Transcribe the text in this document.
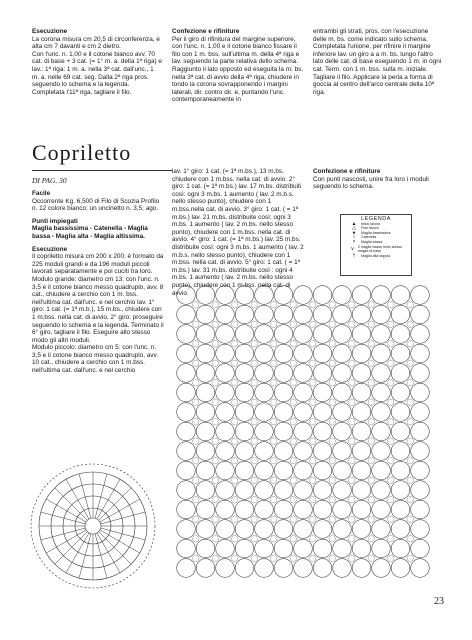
Esecuzione

La corona misura cm 20,5 di circonferenza, è alta cm 7 davanti e cm 2 dietro.

Con l'unc. n. 1,00 e il cotone bianco avv. 70 cat. di base + 3 cat. (= 1° m. a. della 1ª riga) e lav.: 1ª riga: 1 m. a. nella 3ª cat. dall'unc., 1 m. a. nelle 69 cat. seg. Dalla 2ª riga pros. seguendo lo schema e la legenda. Completata l'11ª riga, tagliare il filo.

Confezione e rifiniture

Per il giro di rifinitura del margine superiore, con l'unc. n. 1,00 e il cotone bianco fissare il filo con 1 m. bss. sull'ultima m. della 4ª riga e lav. seguendo la parte relativa dello schema. Raggiunto il lato opposto ed eseguita la m. bs. nella 3ª cat. di avvio della 4ª riga, chiudere in tondo la corona sovrapponendo i margini laterali, dir. contro dir. e, puntando l'unc. contemporaneamente in

entrambi gli strati, pros. con l'esecuzione delle m. bs. come indicato sullo schema. Completata l'unione, per rifinire il margine inferiore lav. un giro a a m. bs. lungo l'altro lato delle cat. di base eseguendo 1 m. in ogni cat. Term. con 1 m. bss. sulla m. iniziale. Tagliare il filo. Applicare la perla a forma di goccia al centro dell'arco centrale della 10ª riga.

Copriletto
DI PAG. 30

Facile

Occorrente Kg. 6,500 di Filo di Scozia Profilo n. 12 colore bianco; un uncinetto n. 3,5; ago.

Punti impiegati

Maglia bassissima - Catenella - Maglia bassa - Maglia alta - Maglia altissima.

Esecuzione

Il copriletto misura cm 200 x 200; è formato da 225 moduli grandi e da 196 moduli piccoli lavorati separatamente e poi cuciti tra loro.

Modulo grande: diametro cm 13: con l'unc. n. 3,5 e il cotone bianco messo quadruplo, avv. 8 cat., chiudere a cerchio con 1 m. bss. nell'ultima cat. dall'unc. e nel cerchio lav. 1° giro: 1 cat. (= 1ª m.b.), 15 m.bs., chiudere con 1 m.bss. nella cat. di avvio. 2° giro: proseguire seguendo lo schema e la legenda. Terminato il 6° giro, tagliare il filo. Eseguire allo stesso modo gli altri moduli.

Modulo piccolo: diametro cm 5: con l'unc. n. 3,5 e il cotone bianco messo quadruplo, avv. 10 cat., chiudere a cerchio con 1 m.bss. nell'ultima cat. dall'unc. e nel cerchio

lav. 1° giro: 1 cat. (= 1ª m.bs.), 13 m.bs. chiudere con 1 m.bss. nella cat. di avvio. 2° giro: 1 cat. (= 1ª m.bs.) lav. 17 m.bs. distribuiti così: ogni 3 m.bs. 1 aumento ( lav. 2 m.b.s. nello stesso punto), chiudere con 1 m.bss.nella cat. di avvio. 3° giro: 1 cat. ( = 1ª m.bs.) lav. 21 m.bs. distribuite così: ogni 3 m.bs. 1 aumento ( lav. 2 m.bs. nello stesso punto), chiudere con 1 m.bss. nella cat. di avvio. 4° giro: 1 cat. (= 1ª m.bs.) lav. 25 m.bs. distribuite così: ogni 3 m.bs. 1 aumento ( lav. 2 m.b.s. nello stesso punto), chiudere con 1 m.bss. nella cat. di avvio. 5° giro: 1 cat. ( = 1ª m.bs.) lav. 31 m.bs. distribuite così : ogni 4 m.bs. 1 aumento ( lav. 2 m.bs. nello stesso punto), chiudere con 1 m.bss. nella cat. di avvio.

Confezione e rifiniture

Con punti nascosti, unire fra loro i moduli seguendo lo schema.

LEGENDA
▲	Inizio lavoro
△	Fine lavoro
●	Maglia bassissima
○	Catenella
×	Maglia bassa
∨	2 maglie basse nello stesso maglia di base
†	Maglia alta doppia
23
